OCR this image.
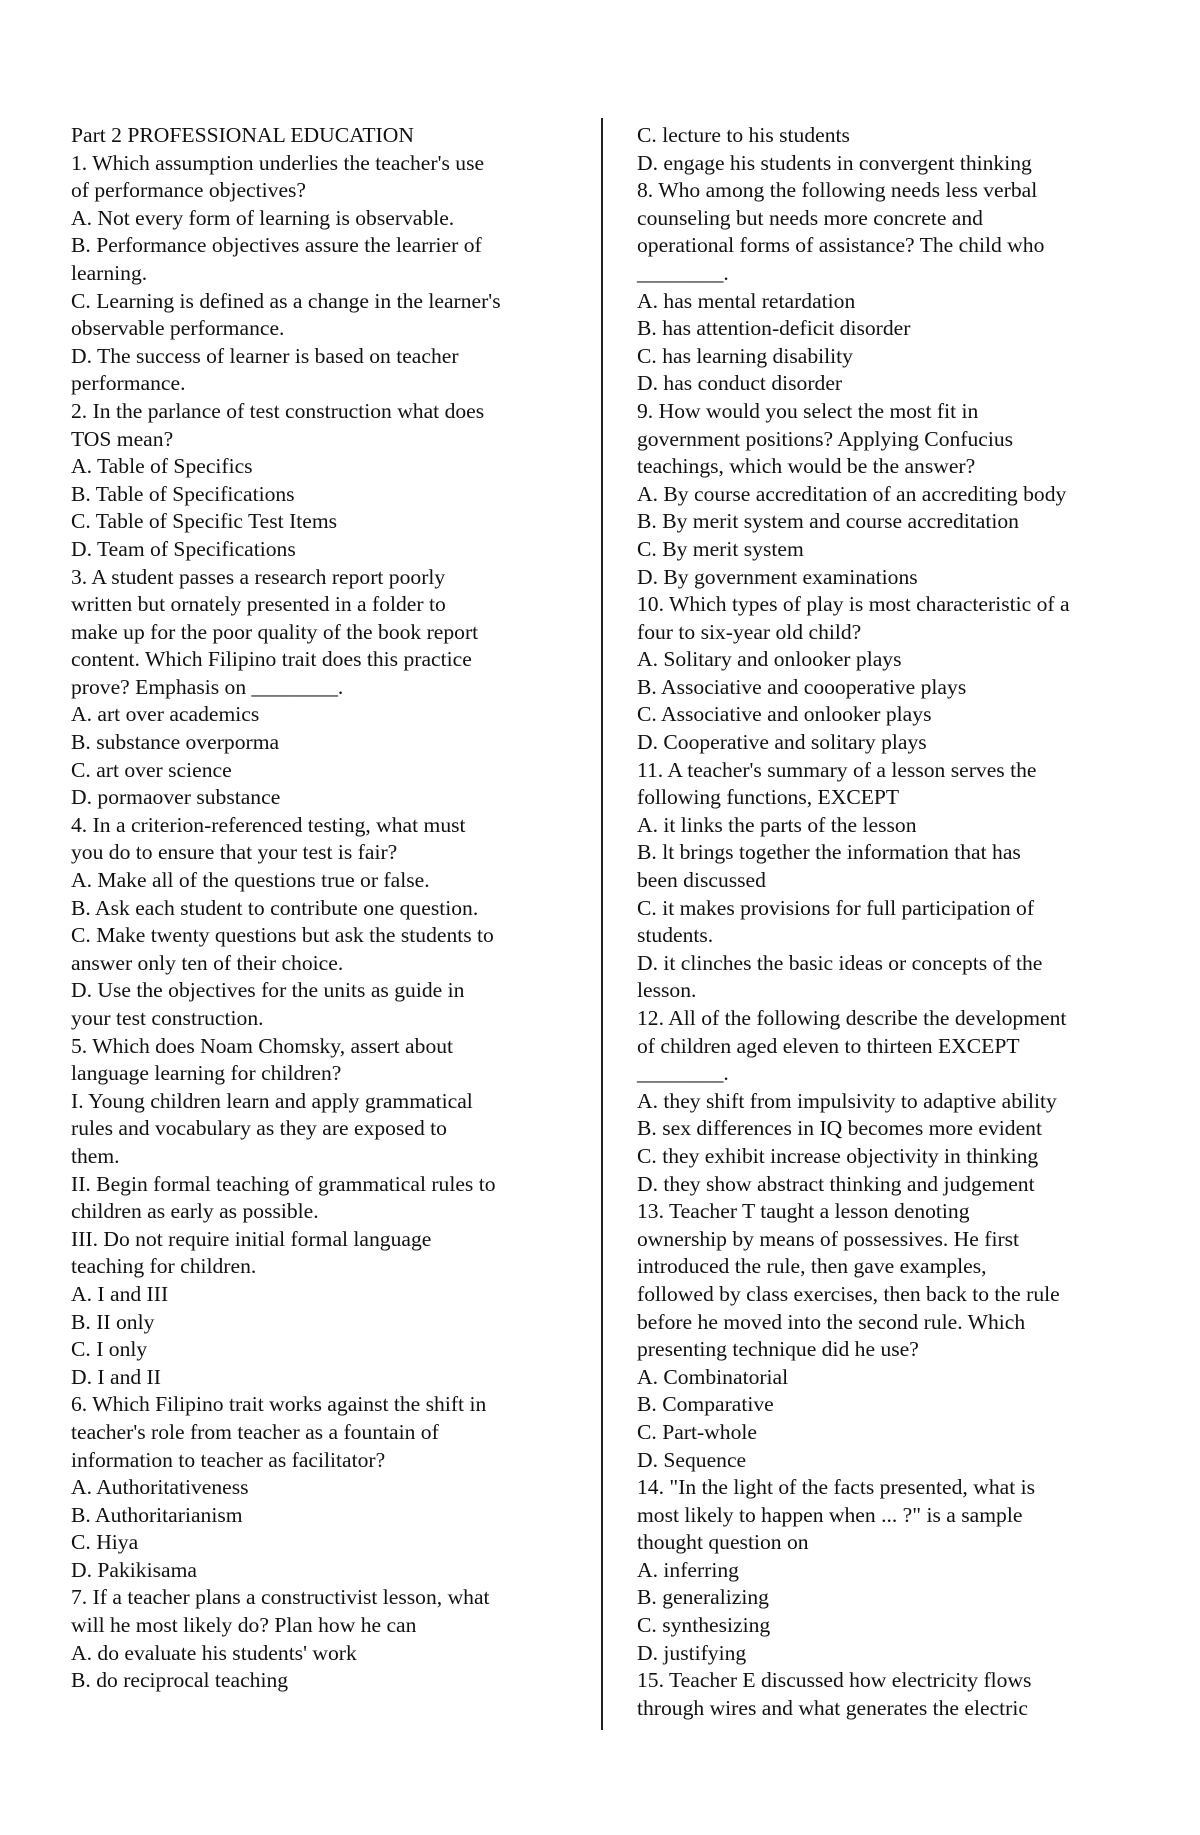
Part 2 PROFESSIONAL EDUCATION
1. Which assumption underlies the teacher's use
of performance objectives?
A. Not every form of learning is observable.
B. Performance objectives assure the learrier of
learning.
C. Learning is defined as a change in the learner's
observable performance.
D. The success of learner is based on teacher
performance.
2. In the parlance of test construction what does
TOS mean?
A. Table of Specifics
B. Table of Specifications
C. Table of Specific Test Items
D. Team of Specifications
3. A student passes a research report poorly
written but ornately presented in a folder to
make up for the poor quality of the book report
content. Which Filipino trait does this practice
prove? Emphasis on ________.
A. art over academics
B. substance overporma
C. art over science
D. pormaover substance
4. In a criterion-referenced testing, what must
you do to ensure that your test is fair?
A. Make all of the questions true or false.
B. Ask each student to contribute one question.
C. Make twenty questions but ask the students to
answer only ten of their choice.
D. Use the objectives for the units as guide in
your test construction.
5. Which does Noam Chomsky, assert about
language learning for children?
I. Young children learn and apply grammatical
rules and vocabulary as they are exposed to
them.
II. Begin formal teaching of grammatical rules to
children as early as possible.
III. Do not require initial formal language
teaching for children.
A. I and III
B. II only
C. I only
D. I and II
6. Which Filipino trait works against the shift in
teacher's role from teacher as a fountain of
information to teacher as facilitator?
A. Authoritativeness
B. Authoritarianism
C. Hiya
D. Pakikisama
7. If a teacher plans a constructivist lesson, what
will he most likely do? Plan how he can
A. do evaluate his students' work
B. do reciprocal teaching
C. lecture to his students
D. engage his students in convergent thinking
8. Who among the following needs less verbal
counseling but needs more concrete and
operational forms of assistance? The child who
________.
A. has mental retardation
B. has attention-deficit disorder
C. has learning disability
D. has conduct disorder
9. How would you select the most fit in
government positions? Applying Confucius
teachings, which would be the answer?
A. By course accreditation of an accrediting body
B. By merit system and course accreditation
C. By merit system
D. By government examinations
10. Which types of play is most characteristic of a
four to six-year old child?
A. Solitary and onlooker plays
B. Associative and coooperative plays
C. Associative and onlooker plays
D. Cooperative and solitary plays
11. A teacher's summary of a lesson serves the
following functions, EXCEPT
A. it links the parts of the lesson
B. lt brings together the information that has
been discussed
C. it makes provisions for full participation of
students.
D. it clinches the basic ideas or concepts of the
lesson.
12. All of the following describe the development
of children aged eleven to thirteen EXCEPT
________.
A. they shift from impulsivity to adaptive ability
B. sex differences in IQ becomes more evident
C. they exhibit increase objectivity in thinking
D. they show abstract thinking and judgement
13. Teacher T taught a lesson denoting
ownership by means of possessives. He first
introduced the rule, then gave examples,
followed by class exercises, then back to the rule
before he moved into the second rule. Which
presenting technique did he use?
A. Combinatorial
B. Comparative
C. Part-whole
D. Sequence
14. "In the light of the facts presented, what is
most likely to happen when ... ?" is a sample
thought question on
A. inferring
B. generalizing
C. synthesizing
D. justifying
15. Teacher E discussed how electricity flows
through wires and what generates the electric
